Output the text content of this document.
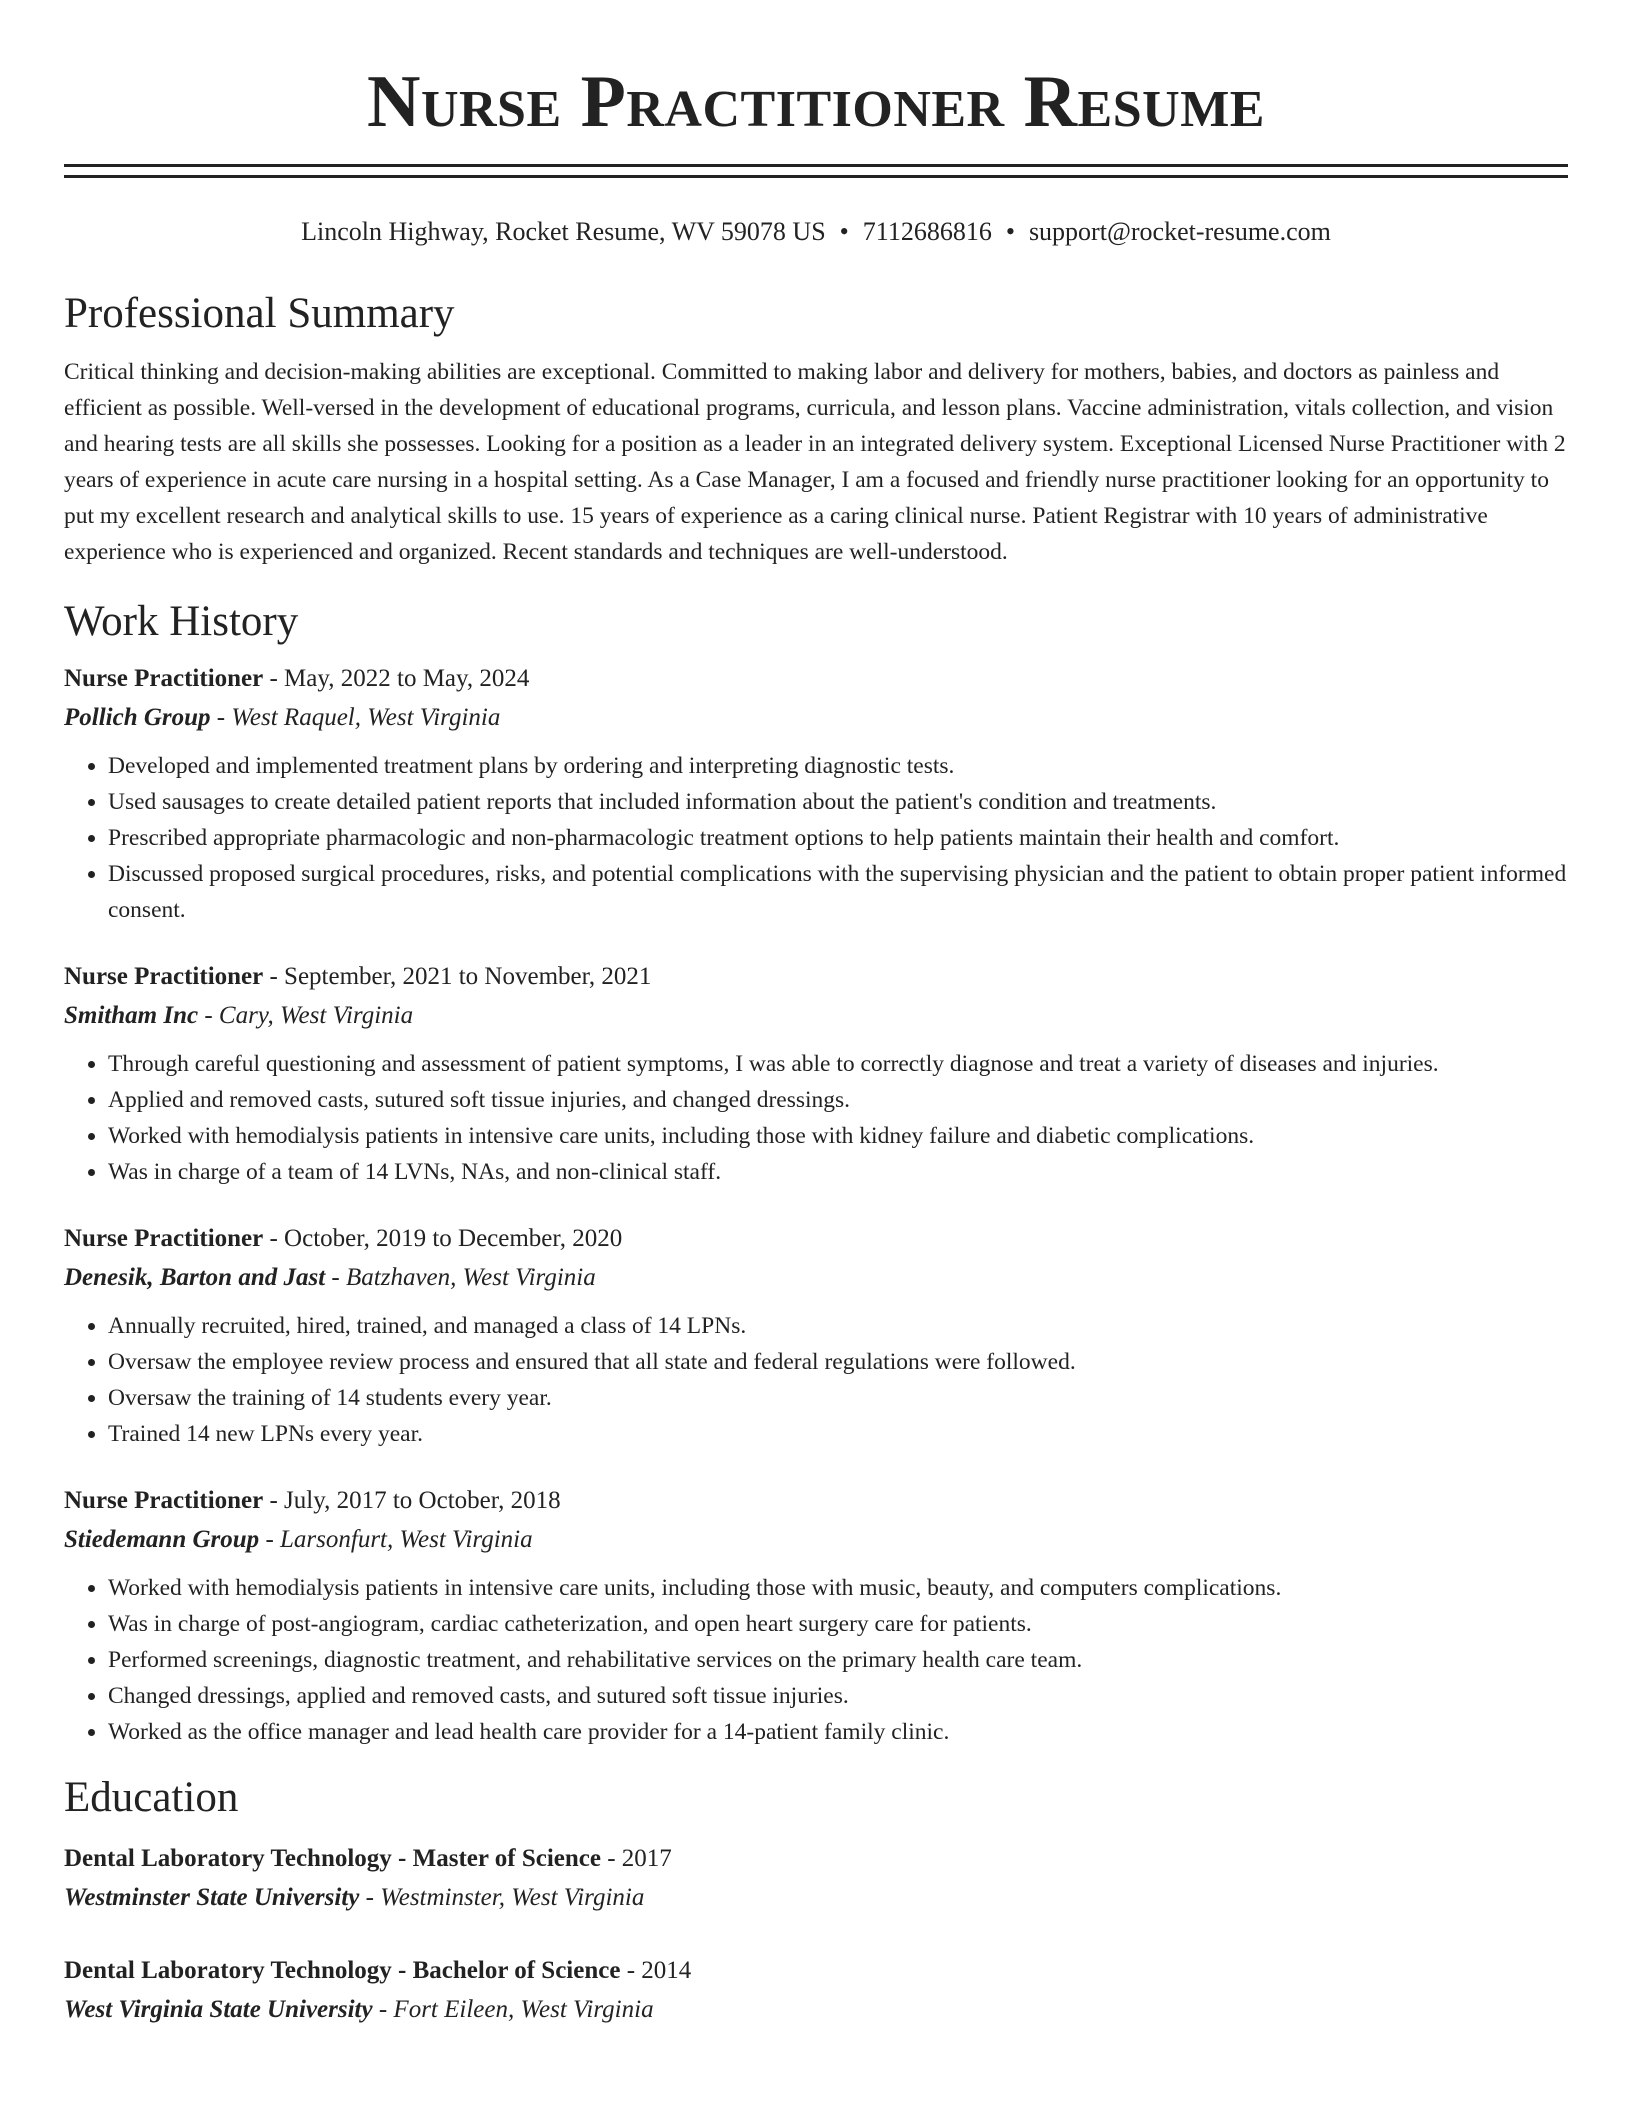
Nurse Practitioner Resume
Lincoln Highway, Rocket Resume, WV 59078 US • 7112686816 • support@rocket-resume.com
Professional Summary

Critical thinking and decision-making abilities are exceptional. Committed to making labor and delivery for mothers, babies, and doctors as painless and efficient as possible. Well-versed in the development of educational programs, curricula, and lesson plans. Vaccine administration, vitals collection, and vision and hearing tests are all skills she possesses. Looking for a position as a leader in an integrated delivery system. Exceptional Licensed Nurse Practitioner with 2 years of experience in acute care nursing in a hospital setting. As a Case Manager, I am a focused and friendly nurse practitioner looking for an opportunity to put my excellent research and analytical skills to use. 15 years of experience as a caring clinical nurse. Patient Registrar with 10 years of administrative experience who is experienced and organized. Recent standards and techniques are well-understood.

Work History
Nurse Practitioner - May, 2022 to May, 2024
Pollich Group - West Raquel, West Virginia
• Developed and implemented treatment plans by ordering and interpreting diagnostic tests.
• Used sausages to create detailed patient reports that included information about the patient's condition and treatments.
• Prescribed appropriate pharmacologic and non-pharmacologic treatment options to help patients maintain their health and comfort.
• Discussed proposed surgical procedures, risks, and potential complications with the supervising physician and the patient to obtain proper patient informed consent.
Nurse Practitioner - September, 2021 to November, 2021
Smitham Inc - Cary, West Virginia
• Through careful questioning and assessment of patient symptoms, I was able to correctly diagnose and treat a variety of diseases and injuries.
• Applied and removed casts, sutured soft tissue injuries, and changed dressings.
• Worked with hemodialysis patients in intensive care units, including those with kidney failure and diabetic complications.
• Was in charge of a team of 14 LVNs, NAs, and non-clinical staff.
Nurse Practitioner - October, 2019 to December, 2020
Denesik, Barton and Jast - Batzhaven, West Virginia
• Annually recruited, hired, trained, and managed a class of 14 LPNs.
• Oversaw the employee review process and ensured that all state and federal regulations were followed.
• Oversaw the training of 14 students every year.
• Trained 14 new LPNs every year.
Nurse Practitioner - July, 2017 to October, 2018
Stiedemann Group - Larsonfurt, West Virginia
• Worked with hemodialysis patients in intensive care units, including those with music, beauty, and computers complications.
• Was in charge of post-angiogram, cardiac catheterization, and open heart surgery care for patients.
• Performed screenings, diagnostic treatment, and rehabilitative services on the primary health care team.
• Changed dressings, applied and removed casts, and sutured soft tissue injuries.
• Worked as the office manager and lead health care provider for a 14-patient family clinic.
Education
Dental Laboratory Technology - Master of Science - 2017
Westminster State University - Westminster, West Virginia
Dental Laboratory Technology - Bachelor of Science - 2014
West Virginia State University - Fort Eileen, West Virginia
